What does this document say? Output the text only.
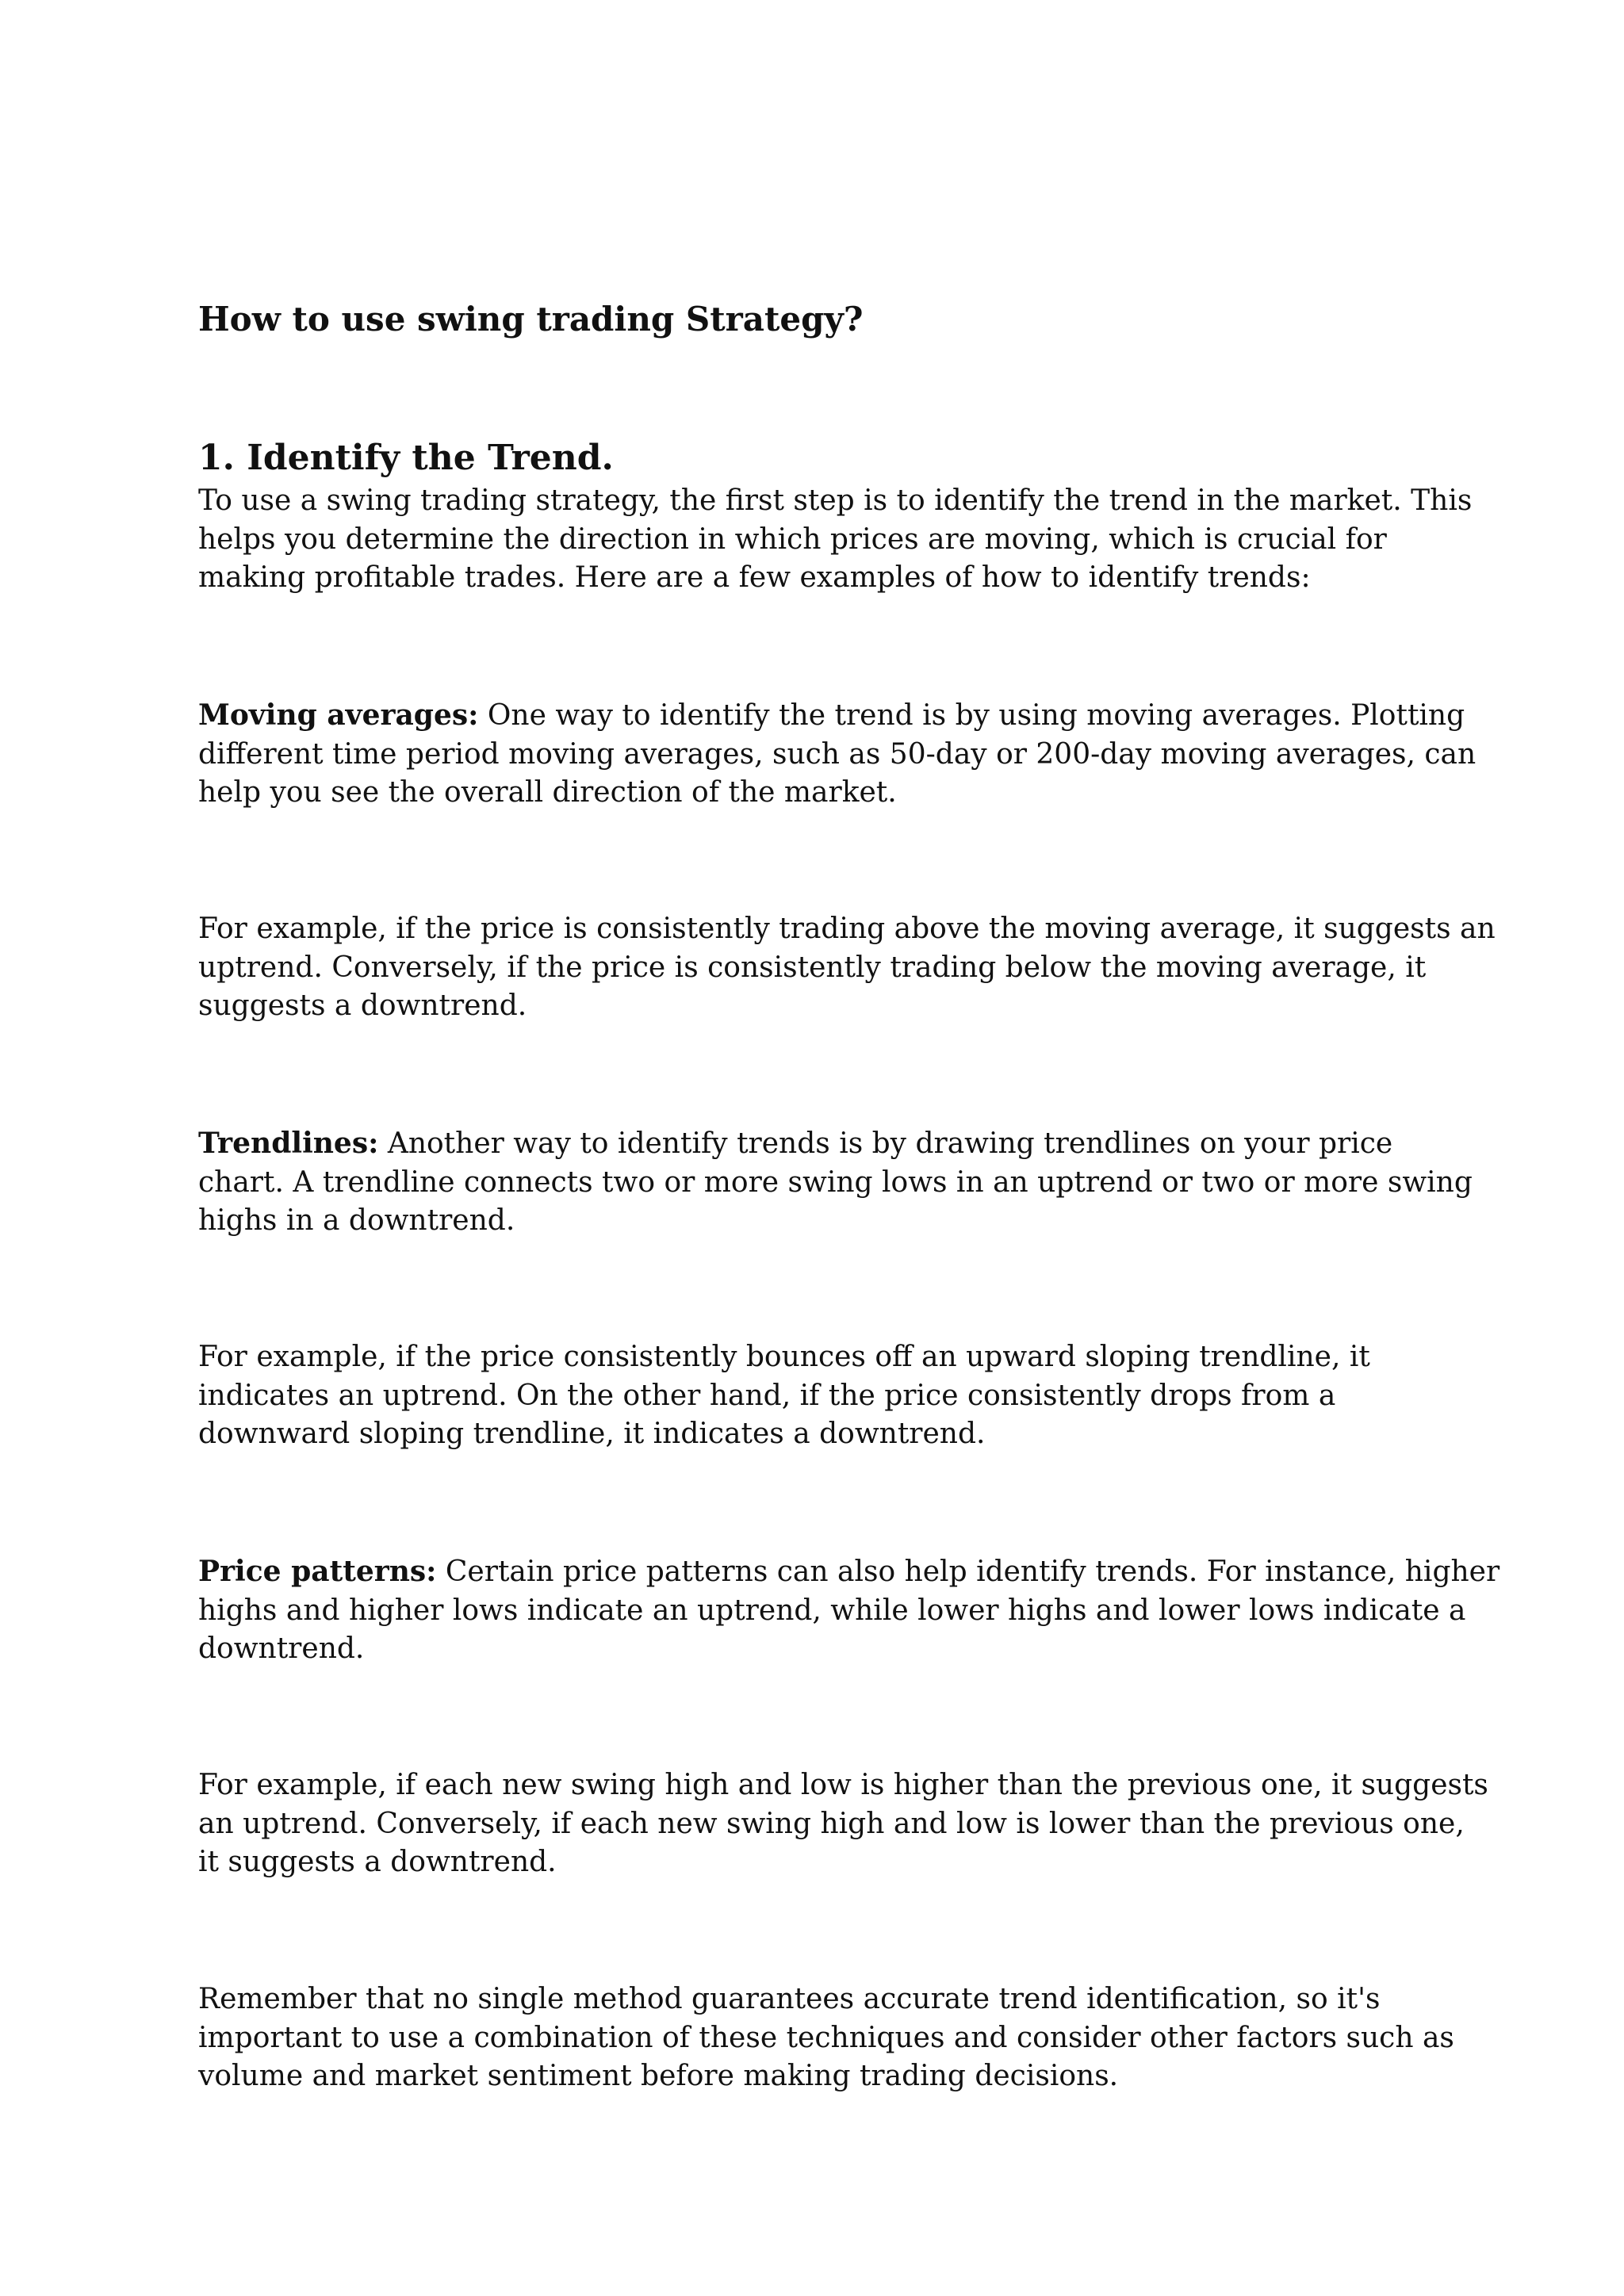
How to use swing trading Strategy?
1. Identify the Trend.

To use a swing trading strategy, the first step is to identify the trend in the market. This
helps you determine the direction in which prices are moving, which is crucial for
making profitable trades. Here are a few examples of how to identify trends:

Moving averages: One way to identify the trend is by using moving averages. Plotting
different time period moving averages, such as 50-day or 200-day moving averages, can
help you see the overall direction of the market.

For example, if the price is consistently trading above the moving average, it suggests an
uptrend. Conversely, if the price is consistently trading below the moving average, it
suggests a downtrend.

Trendlines: Another way to identify trends is by drawing trendlines on your price
chart. A trendline connects two or more swing lows in an uptrend or two or more swing
highs in a downtrend.

For example, if the price consistently bounces off an upward sloping trendline, it
indicates an uptrend. On the other hand, if the price consistently drops from a
downward sloping trendline, it indicates a downtrend.

Price patterns: Certain price patterns can also help identify trends. For instance, higher
highs and higher lows indicate an uptrend, while lower highs and lower lows indicate a
downtrend.

For example, if each new swing high and low is higher than the previous one, it suggests
an uptrend. Conversely, if each new swing high and low is lower than the previous one,
it suggests a downtrend.

Remember that no single method guarantees accurate trend identification, so it's
important to use a combination of these techniques and consider other factors such as
volume and market sentiment before making trading decisions.
